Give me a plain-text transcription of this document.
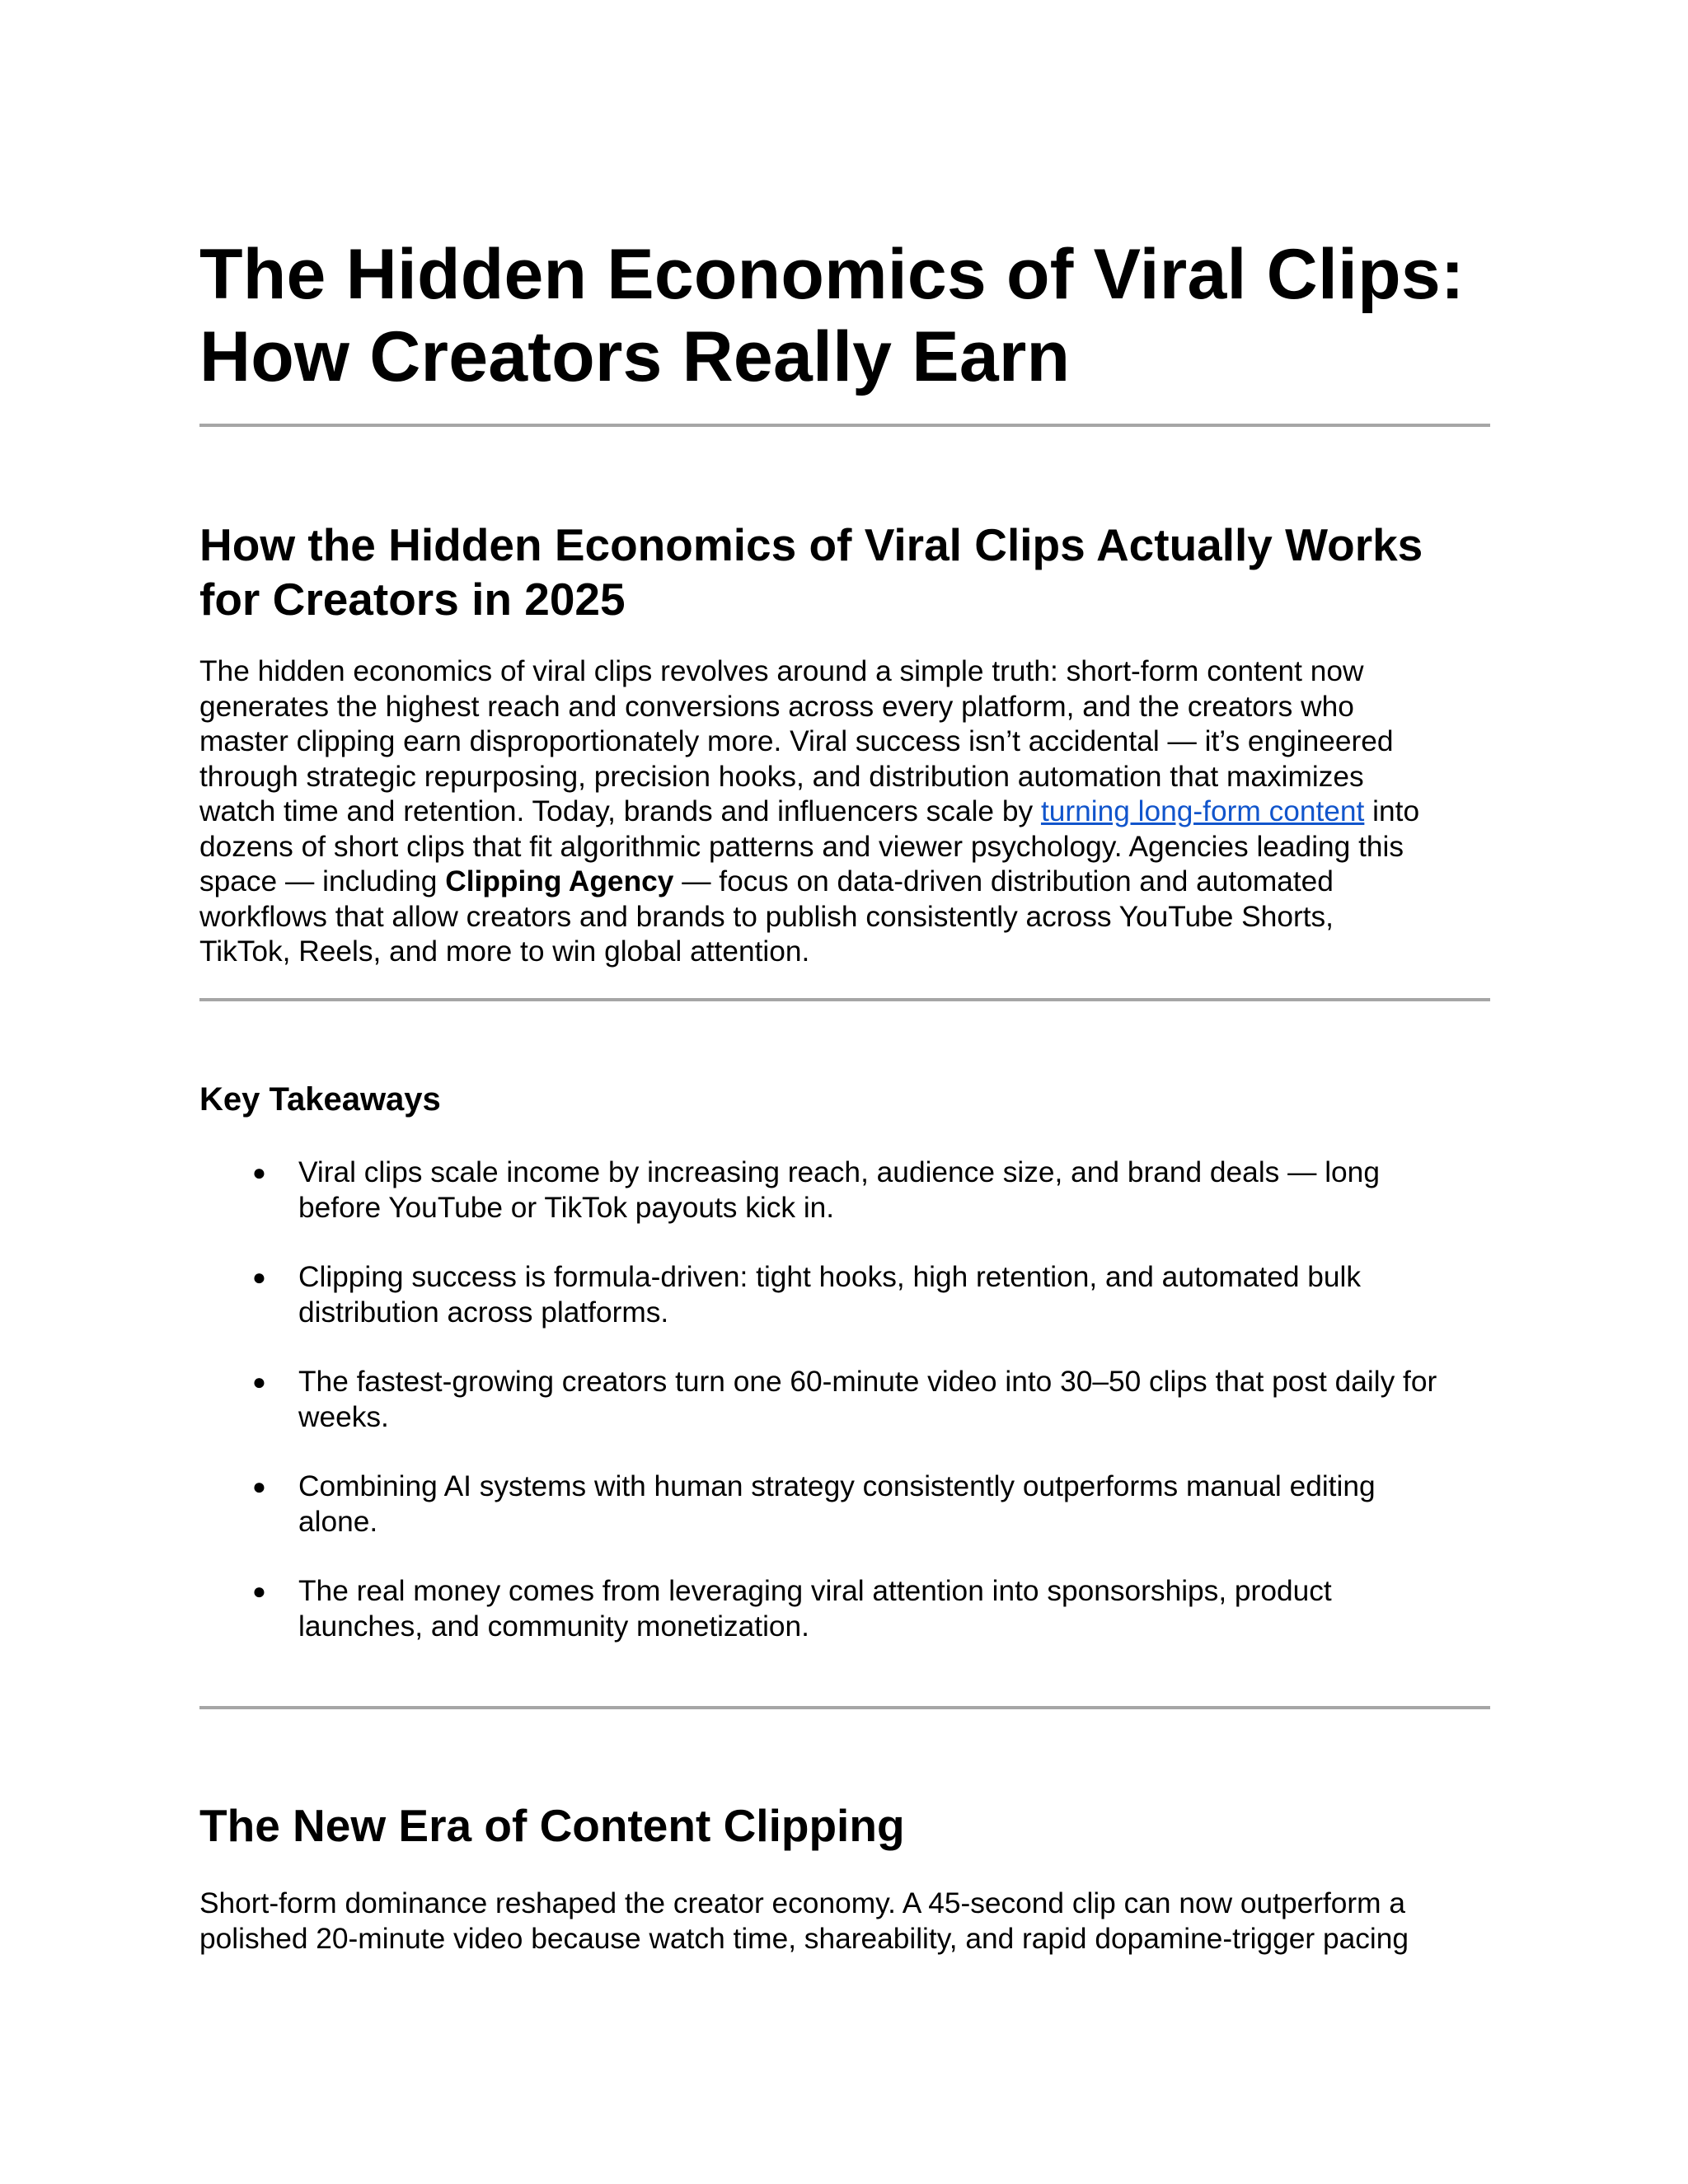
The Hidden Economics of Viral Clips:
How Creators Really Earn
How the Hidden Economics of Viral Clips Actually Works
for Creators in 2025
The hidden economics of viral clips revolves around a simple truth: short-form content now
generates the highest reach and conversions across every platform, and the creators who
master clipping earn disproportionately more. Viral success isn’t accidental — it’s engineered
through strategic repurposing, precision hooks, and distribution automation that maximizes
watch time and retention. Today, brands and influencers scale by turning long-form content into
dozens of short clips that fit algorithmic patterns and viewer psychology. Agencies leading this
space — including Clipping Agency — focus on data-driven distribution and automated
workflows that allow creators and brands to publish consistently across YouTube Shorts,
TikTok, Reels, and more to win global attention.
Key Takeaways
● Viral clips scale income by increasing reach, audience size, and brand deals — long
before YouTube or TikTok payouts kick in.
● Clipping success is formula-driven: tight hooks, high retention, and automated bulk
distribution across platforms.
● The fastest-growing creators turn one 60-minute video into 30–50 clips that post daily for
weeks.
● Combining AI systems with human strategy consistently outperforms manual editing
alone.
● The real money comes from leveraging viral attention into sponsorships, product
launches, and community monetization.
The New Era of Content Clipping
Short-form dominance reshaped the creator economy. A 45-second clip can now outperform a
polished 20-minute video because watch time, shareability, and rapid dopamine-trigger pacing
